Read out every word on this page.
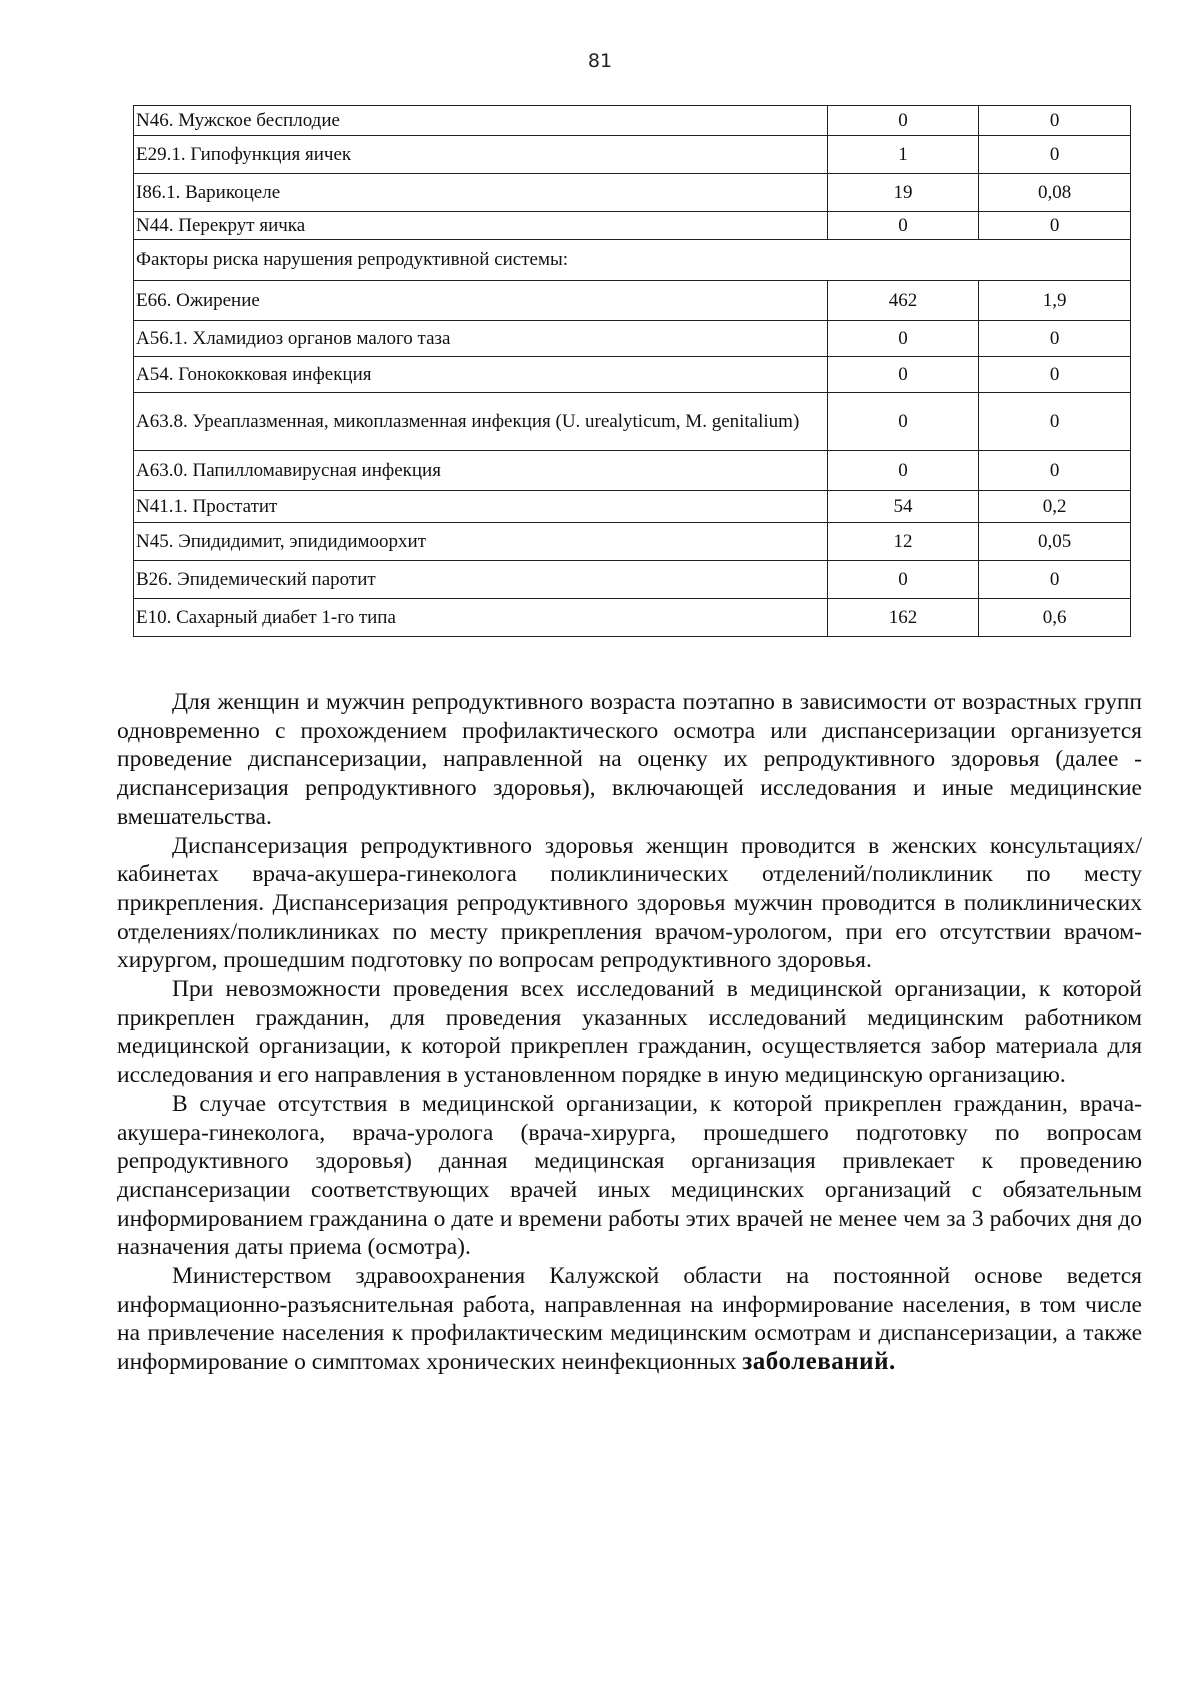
81
N46. Мужское бесплодие	0	0
E29.1. Гипофункция яичек	1	0
I86.1. Варикоцеле	19	0,08
N44. Перекрут яичка	0	0
Факторы риска нарушения репродуктивной системы:		
E66. Ожирение	462	1,9
A56.1. Хламидиоз органов малого таза	0	0
A54. Гонококковая инфекция	0	0
A63.8. Уреаплазменная, микоплазменная инфекция (U. urealyticum, M. genitalium)	0	0
A63.0. Папилломавирусная инфекция	0	0
N41.1. Простатит	54	0,2
N45. Эпидидимит, эпидидимоорхит	12	0,05
B26. Эпидемический паротит	0	0
E10. Сахарный диабет 1-го типа	162	0,6

Для женщин и мужчин репродуктивного возраста поэтапно в зависимости от возрастных групп одновременно с прохождением профилактического осмотра или диспансеризации организуется проведение диспансеризации, направленной на оценку их репродуктивного здоровья (далее - диспансеризация репродуктивного здоровья), включающей исследования и иные медицинские вмешательства.

Диспансеризация репродуктивного здоровья женщин проводится в женских консультациях/кабинетах врача-акушера-гинеколога поликлинических отделений/поликлиник по месту прикрепления. Диспансеризация репродуктивного здоровья мужчин проводится в поликлинических отделениях/поликлиниках по месту прикрепления врачом-урологом, при его отсутствии врачом-хирургом, прошедшим подготовку по вопросам репродуктивного здоровья.

При невозможности проведения всех исследований в медицинской организации, к которой прикреплен гражданин, для проведения указанных исследований медицинским работником медицинской организации, к которой прикреплен гражданин, осуществляется забор материала для исследования и его направления в установленном порядке в иную медицинскую организацию.

В случае отсутствия в медицинской организации, к которой прикреплен гражданин, врача-акушера-гинеколога, врача-уролога (врача-хирурга, прошедшего подготовку по вопросам репродуктивного здоровья) данная медицинская организация привлекает к проведению диспансеризации соответствующих врачей иных медицинских организаций с обязательным информированием гражданина о дате и времени работы этих врачей не менее чем за 3 рабочих дня до назначения даты приема (осмотра).

Министерством здравоохранения Калужской области на постоянной основе ведется информационно-разъяснительная работа, направленная на информирование населения, в том числе на привлечение населения к профилактическим медицинским осмотрам и диспансеризации, а также информирование о симптомах хронических неинфекционных заболеваний.
